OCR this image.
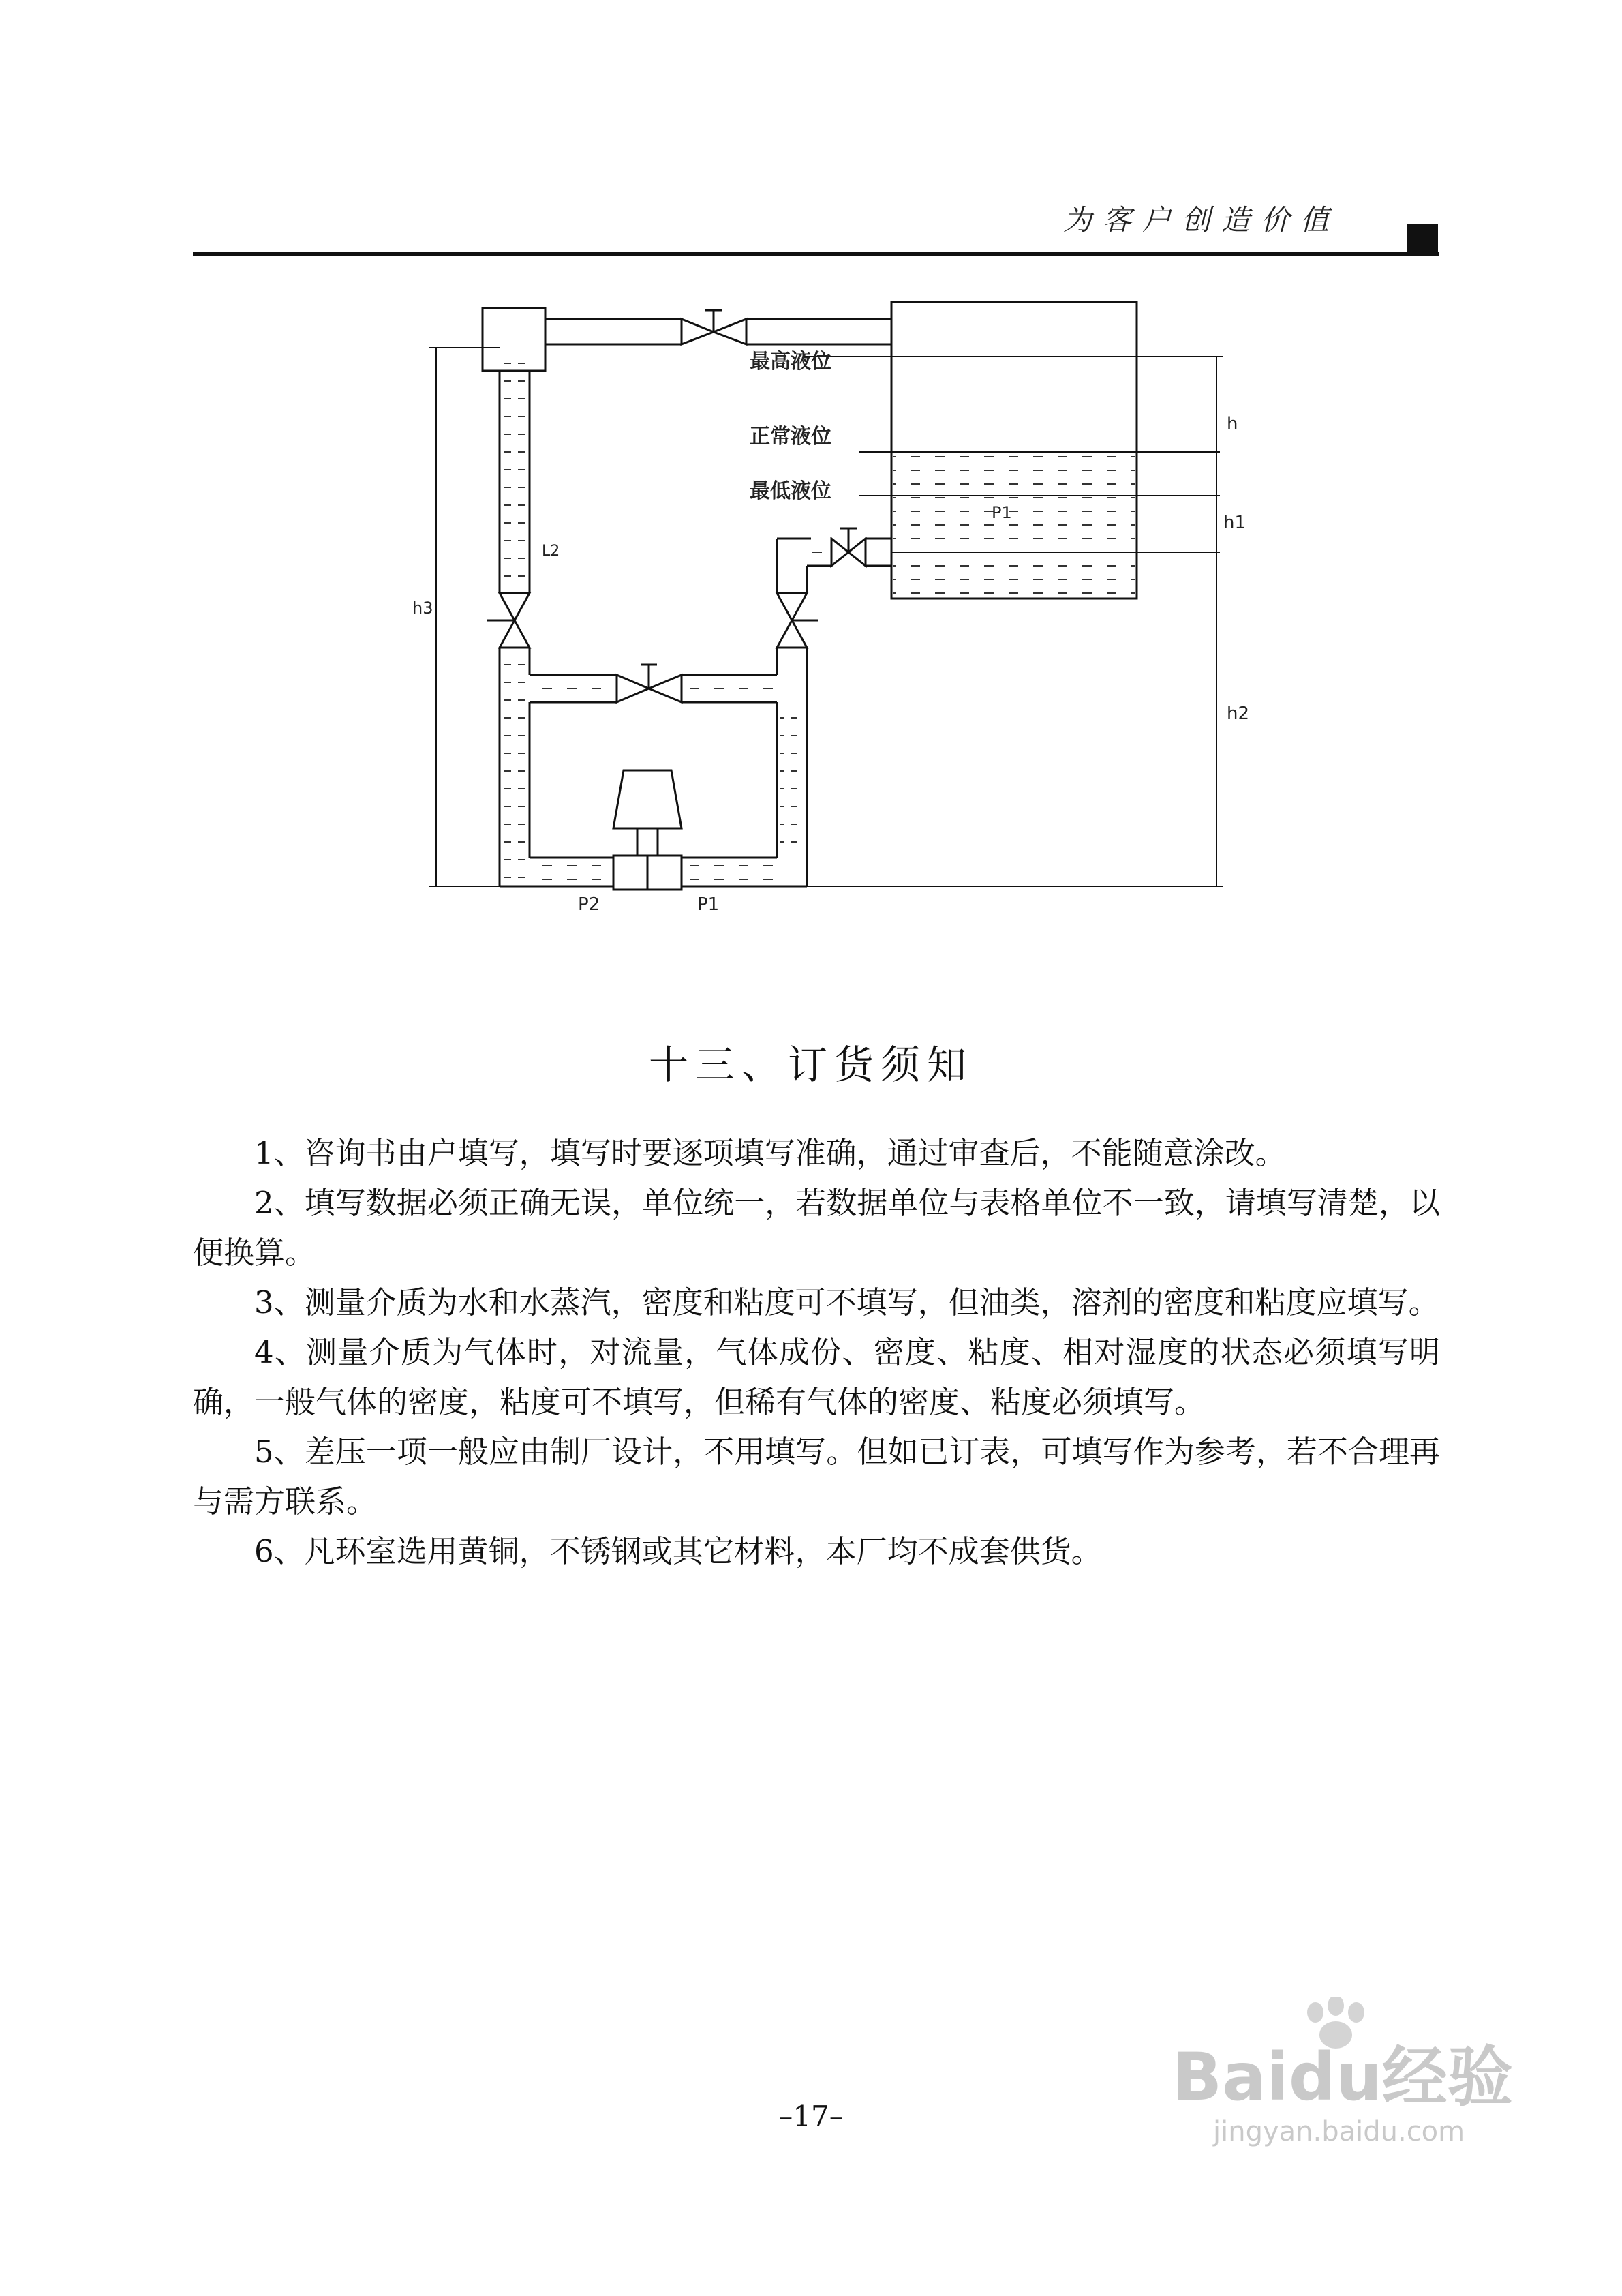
为客户创造价值
最高液位
正常液位
最低液位
h
h1
h2
h3
P1
L2
P2	P1
十三、订货须知

1、咨询书由户填写，填写时要逐项填写准确，通过审查后，不能随意涂改。

2、填写数据必须正确无误，单位统一，若数据单位与表格单位不一致，请填写清楚，以便换算。

3、测量介质为水和水蒸汽，密度和粘度可不填写，但油类，溶剂的密度和粘度应填写。

4、测量介质为气体时，对流量，气体成份、密度、粘度、相对湿度的状态必须填写明确，一般气体的密度，粘度可不填写，但稀有气体的密度、粘度必须填写。

5、差压一项一般应由制厂设计，不用填写。但如已订表，可填写作为参考，若不合理再与需方联系。

6、凡环室选用黄铜，不锈钢或其它材料，本厂均不成套供货。

–17–
Baidu经验
jingyan.baidu.com
